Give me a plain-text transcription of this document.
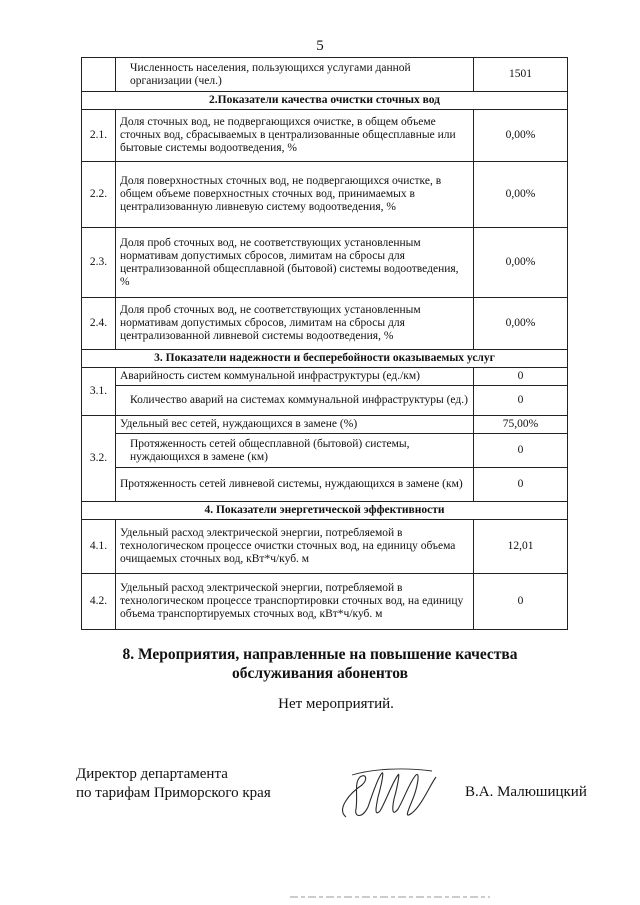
5
	Численность населения, пользующихся услугами данной организации (чел.)	1501
2.Показатели качества очистки сточных вод		
2.1.	Доля сточных вод, не подвергающихся очистке, в общем объеме сточных вод, сбрасываемых в централизованные общесплавные или бытовые системы водоотведения, %	0,00%
2.2.	Доля поверхностных сточных вод, не подвергающихся очистке, в общем объеме поверхностных сточных вод, принимаемых в централизованную ливневую систему водоотведения, %	0,00%
2.3.	Доля проб сточных вод, не соответствующих установленным нормативам допустимых сбросов, лимитам на сбросы для централизованной общесплавной (бытовой) системы водоотведения, %	0,00%
2.4.	Доля проб сточных вод, не соответствующих установленным нормативам допустимых сбросов, лимитам на сбросы для централизованной ливневой системы водоотведения, %	0,00%
3. Показатели надежности и бесперебойности оказываемых услуг		
3.1.	Аварийность систем коммунальной инфраструктуры (ед./км)	0
	Количество аварий на системах коммунальной инфраструктуры (ед.)	0
3.2.	Удельный вес сетей, нуждающихся в замене (%)	75,00%
	Протяженность сетей общесплавной (бытовой) системы, нуждающихся в замене (км)	0
	Протяженность сетей ливневой системы, нуждающихся в замене (км)	0
4. Показатели энергетической эффективности		
4.1.	Удельный расход электрической энергии, потребляемой в технологическом процессе очистки сточных вод, на единицу объема очищаемых сточных вод, кВт*ч/куб. м	12,01
4.2.	Удельный расход электрической энергии, потребляемой в технологическом процессе транспортировки сточных вод, на единицу объема транспортируемых сточных вод, кВт*ч/куб. м	0
8. Мероприятия, направленные на повышение качества
обслуживания абонентов
Нет мероприятий.
Директор департамента
по тарифам Приморского края	В.А. Малюшицкий
